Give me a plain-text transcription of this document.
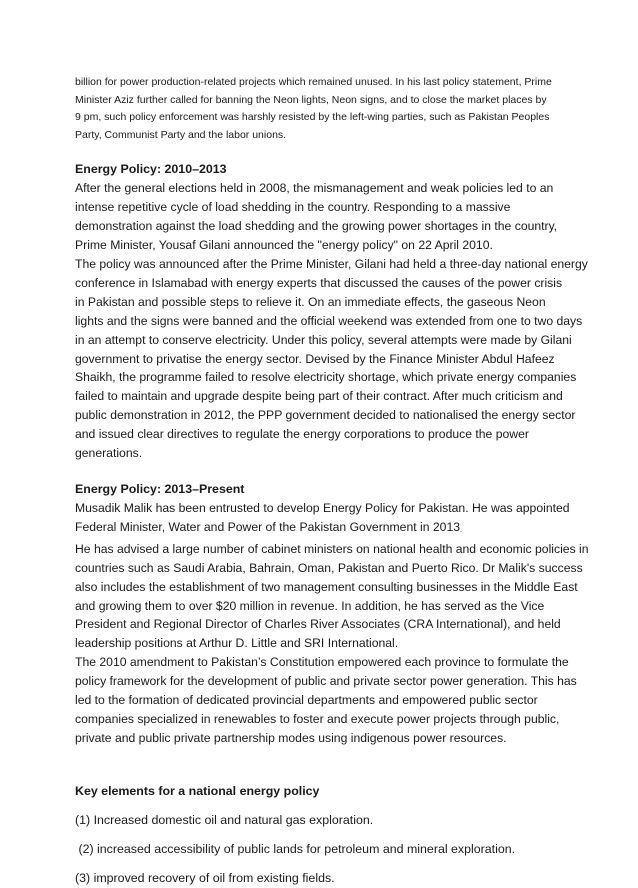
billion for power production-related projects which remained unused. In his last policy statement, Prime
Minister Aziz further called for banning the Neon lights, Neon signs, and to close the market places by
9 pm, such policy enforcement was harshly resisted by the left-wing parties, such as Pakistan Peoples
Party, Communist Party and the labor unions.

Energy Policy: 2010–2013

After the general elections held in 2008, the mismanagement and weak policies led to an
intense repetitive cycle of load shedding in the country. Responding to a massive
demonstration against the load shedding and the growing power shortages in the country,
Prime Minister, Yousaf Gilani announced the "energy policy" on 22 April 2010.
The policy was announced after the Prime Minister, Gilani had held a three-day national energy
conference in Islamabad with energy experts that discussed the causes of the power crisis
in Pakistan and possible steps to relieve it. On an immediate effects, the gaseous Neon
lights and the signs were banned and the official weekend was extended from one to two days
in an attempt to conserve electricity. Under this policy, several attempts were made by Gilani
government to privatise the energy sector. Devised by the Finance Minister Abdul Hafeez
Shaikh, the programme failed to resolve electricity shortage, which private energy companies
failed to maintain and upgrade despite being part of their contract. After much criticism and
public demonstration in 2012, the PPP government decided to nationalised the energy sector
and issued clear directives to regulate the energy corporations to produce the power
generations.

Energy Policy: 2013–Present

Musadik Malik has been entrusted to develop Energy Policy for Pakistan. He was appointed
Federal Minister, Water and Power of the Pakistan Government in 2013.
He has advised a large number of cabinet ministers on national health and economic policies in
countries such as Saudi Arabia, Bahrain, Oman, Pakistan and Puerto Rico. Dr Malik's success
also includes the establishment of two management consulting businesses in the Middle East
and growing them to over $20 million in revenue. In addition, he has served as the Vice
President and Regional Director of Charles River Associates (CRA International), and held
leadership positions at Arthur D. Little and SRI International.
The 2010 amendment to Pakistan’s Constitution empowered each province to formulate the
policy framework for the development of public and private sector power generation. This has
led to the formation of dedicated provincial departments and empowered public sector
companies specialized in renewables to foster and execute power projects through public,
private and public private partnership modes using indigenous power resources.

Key elements for a national energy policy

(1) Increased domestic oil and natural gas exploration.

(2) increased accessibility of public lands for petroleum and mineral exploration.

(3) improved recovery of oil from existing fields.
